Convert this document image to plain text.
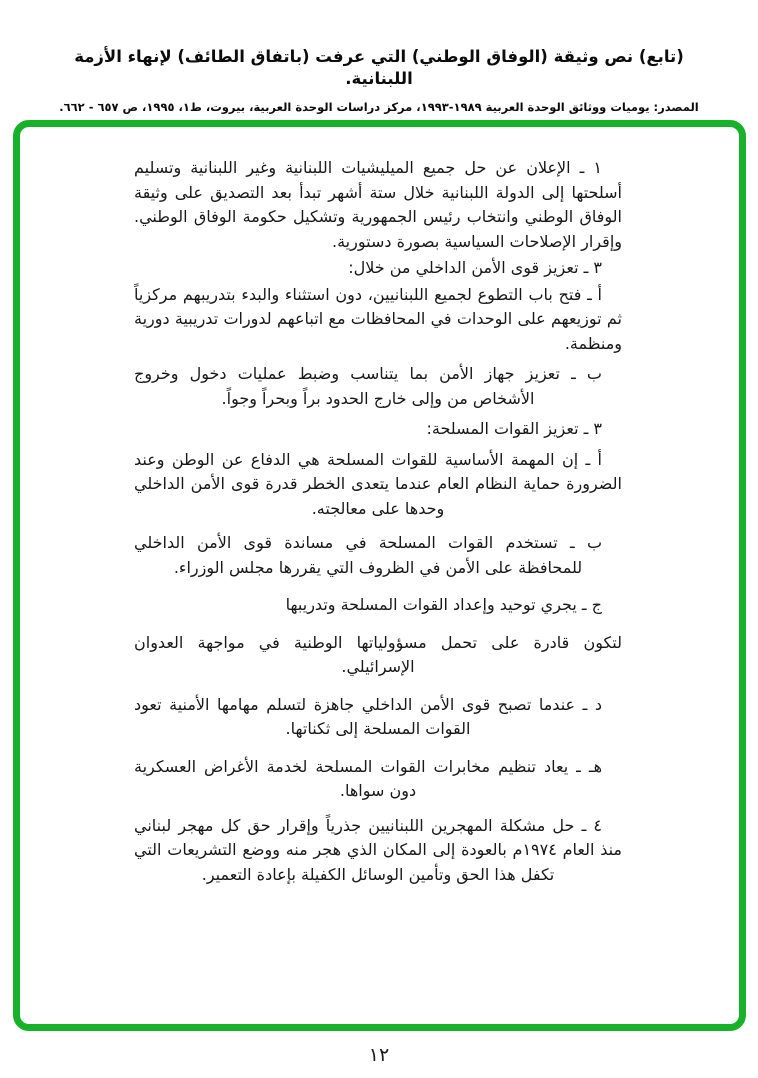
(تابع) نص وثيقة (الوفاق الوطني) التي عرفت (باتفاق الطائف) لإنهاء الأزمة اللبنانية.
المصدر: يوميات ووثائق الوحدة العربية ١٩٨٩-١٩٩٣، مركز دراسات الوحدة العربية، بيروت، ط١، ١٩٩٥، ص ٦٥٧ - ٦٦٢.

١ ـ الإعلان عن حل جميع الميليشيات اللبنانية وغير اللبنانية وتسليم أسلحتها إلى الدولة اللبنانية خلال ستة أشهر تبدأ بعد التصديق على وثيقة الوفاق الوطني وانتخاب رئيس الجمهورية وتشكيل حكومة الوفاق الوطني. وإقرار الإصلاحات السياسية بصورة دستورية.

٣ ـ تعزيز قوى الأمن الداخلي من خلال:

أ ـ فتح باب التطوع لجميع اللبنانيين، دون استثناء والبدء بتدريبهم مركزياً ثم توزيعهم على الوحدات في المحافظات مع اتباعهم لدورات تدريبية دورية ومنظمة.

ب ـ تعزيز جهاز الأمن بما يتناسب وضبط عمليات دخول وخروج الأشخاص من وإلى خارج الحدود براً وبحراً وجواً.

٣ ـ تعزيز القوات المسلحة:

أ ـ إن المهمة الأساسية للقوات المسلحة هي الدفاع عن الوطن وعند الضرورة حماية النظام العام عندما يتعدى الخطر قدرة قوى الأمن الداخلي وحدها على معالجته.

ب ـ تستخدم القوات المسلحة في مساندة قوى الأمن الداخلي للمحافظة على الأمن في الظروف التي يقررها مجلس الوزراء.

ج ـ يجري توحيد وإعداد القوات المسلحة وتدريبها

لتكون قادرة على تحمل مسؤولياتها الوطنية في مواجهة العدوان الإسرائيلي.

د ـ عندما تصبح قوى الأمن الداخلي جاهزة لتسلم مهامها الأمنية تعود القوات المسلحة إلى ثكناتها.

هـ ـ يعاد تنظيم مخابرات القوات المسلحة لخدمة الأغراض العسكرية دون سواها.

٤ ـ حل مشكلة المهجرين اللبنانيين جذرياً وإقرار حق كل مهجر لبناني منذ العام ١٩٧٤م بالعودة إلى المكان الذي هجر منه ووضع التشريعات التي تكفل هذا الحق وتأمين الوسائل الكفيلة بإعادة التعمير.

١٢
